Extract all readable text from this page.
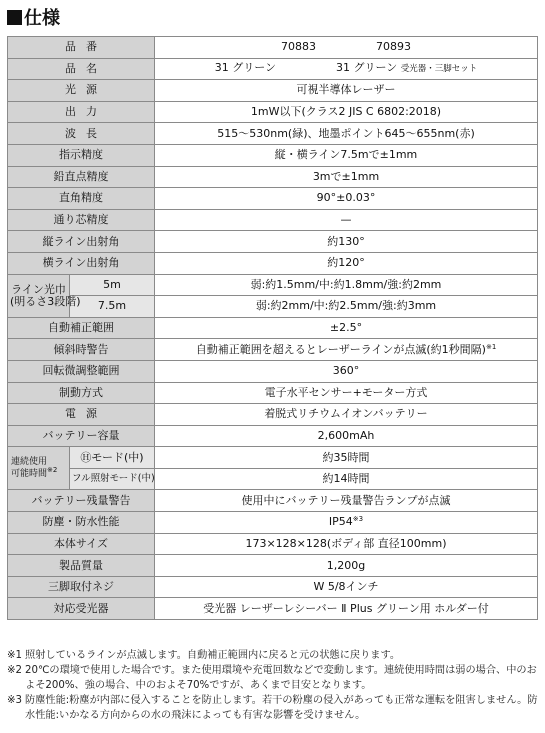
仕様
品番		70883 70893

品名		31 グリーン 31 グリーン 受光器・三脚セット

光源		可視半導体レーザー
出力		1mW以下(クラス2 JIS C 6802:2018)
波長		515〜530nm(緑)、地墨ポイント645〜655nm(赤)
指示精度		縦・横ライン7.5mで±1mm
鉛直点精度		3mで±1mm
直角精度		90°±0.03°
通り芯精度		—
縦ライン出射角		約130°
横ライン出射角		約120°
ライン光巾
(明るさ3段階)	5m	弱:約1.5mm/中:約1.8mm/強:約2mm
	7.5m	弱:約2mm/中:約2.5mm/強:約3mm
自動補正範囲		±2.5°
傾斜時警告		自動補正範囲を超えるとレーザーラインが点滅(約1秒間隔)$^{※1}$
回転微調整範囲		360°
制動方式		電子水平センサー+モーター方式
電源		着脱式リチウムイオンバッテリー
バッテリー容量		2,600mAh
連続使用
可能時間$^{※2}$	Ⓗモード(中)	約35時間
	フル照射モード(中)	約14時間
バッテリー残量警告		使用中にバッテリー残量警告ランプが点滅
防塵・防水性能		IP54$^{※3}$
本体サイズ		173×128×128(ボディ部 直径100mm)
製品質量		1,200g
三脚取付ネジ		W 5/8インチ
対応受光器		受光器 レーザーレシーバー Ⅱ Plus グリーン用 ホルダー付
※1 照射しているラインが点滅します。自動補正範囲内に戻ると元の状態に戻ります。
※2 20℃の環境で使用した場合です。また使用環境や充電回数などで変動します。連続使用時間は弱の場合、中のおよそ200%、強の場合、中のおよそ70%ですが、あくまで目安となります。
※3 防塵性能:粉塵が内部に侵入することを防止します。若干の粉塵の侵入があっても正常な運転を阻害しません。防水性能:いかなる方向からの水の飛沫によっても有害な影響を受けません。
